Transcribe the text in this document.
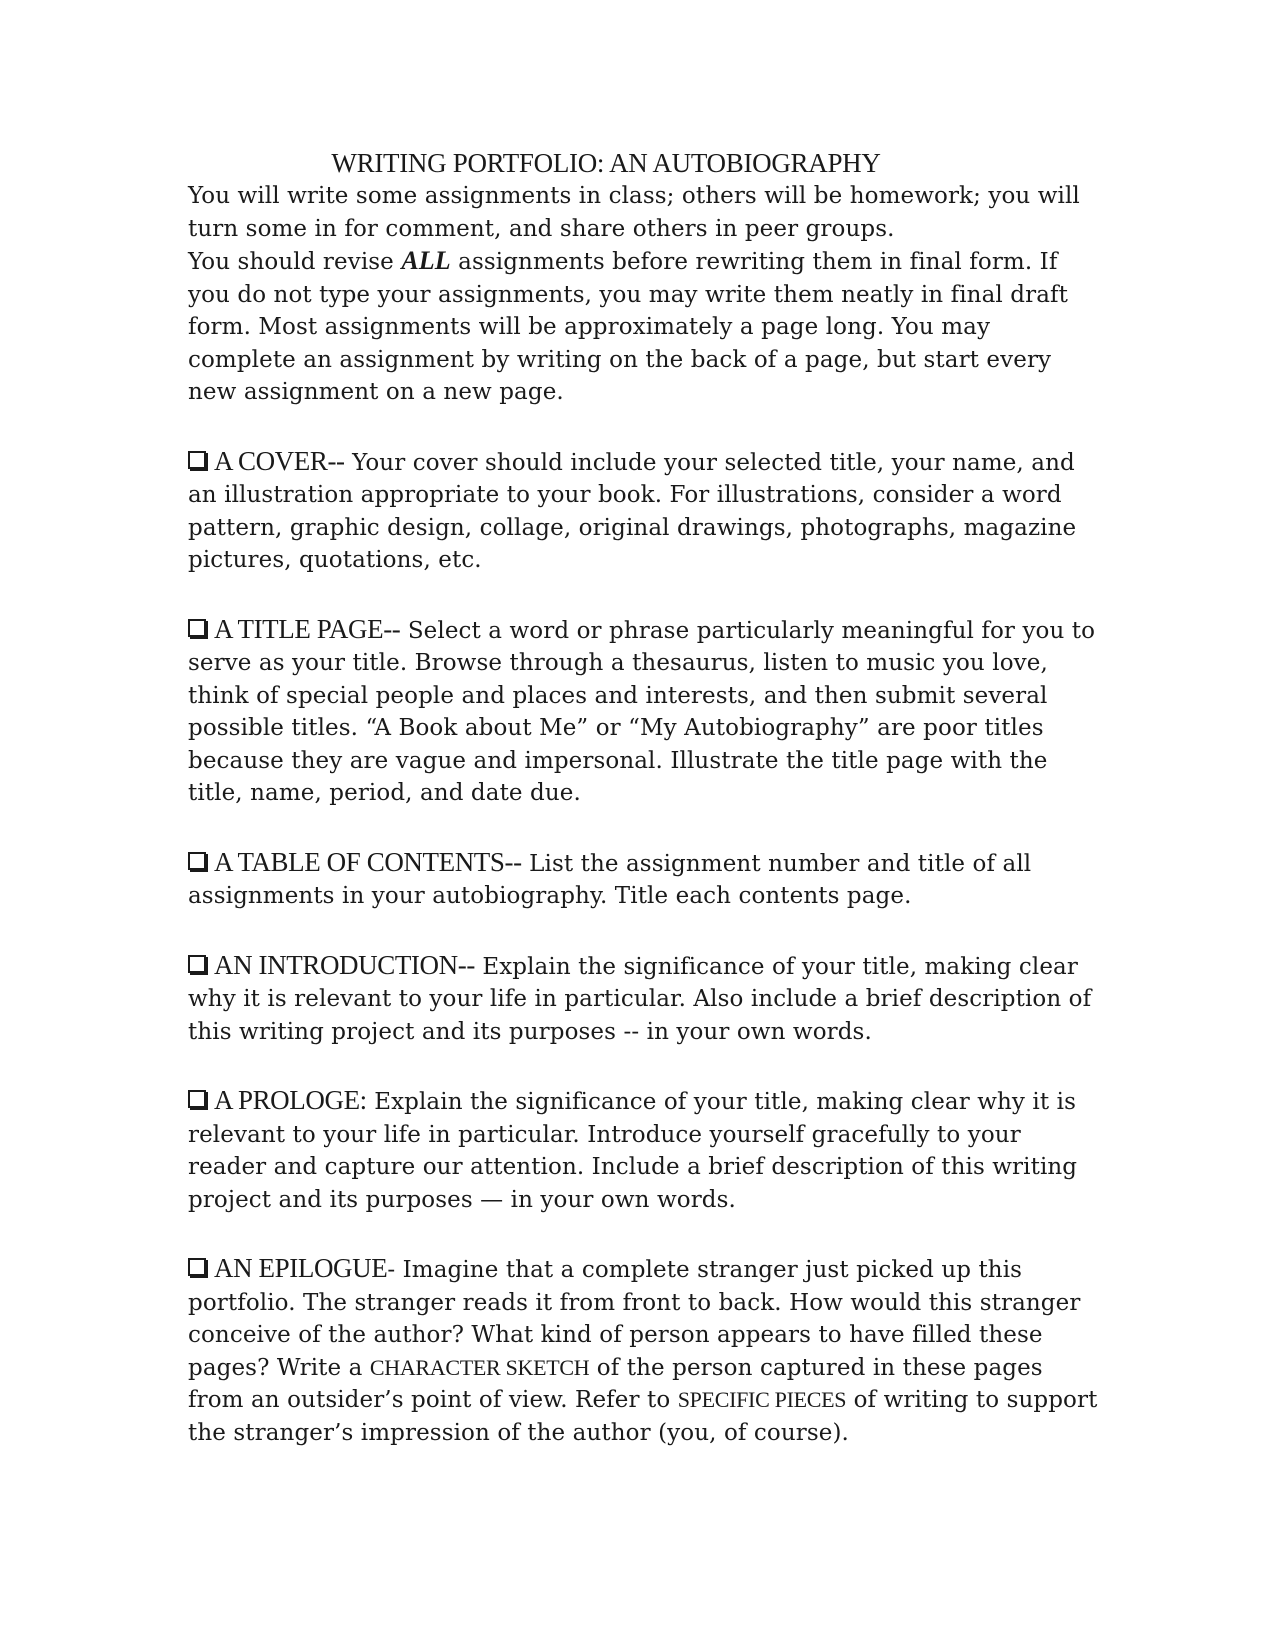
WRITING PORTFOLIO: AN AUTOBIOGRAPHY

You will write some assignments in class; others will be homework; you will turn some in for comment, and share others in peer groups.

You should revise ALL assignments before rewriting them in final form. If you do not type your assignments, you may write them neatly in final draft form. Most assignments will be approximately a page long. You may complete an assignment by writing on the back of a page, but start every new assignment on a new page.

A COVER-- Your cover should include your selected title, your name, and an illustration appropriate to your book. For illustrations, consider a word pattern, graphic design, collage, original drawings, photographs, magazine pictures, quotations, etc.
A TITLE PAGE-- Select a word or phrase particularly meaningful for you to serve as your title. Browse through a thesaurus, listen to music you love, think of special people and places and interests, and then submit several possible titles. “A Book about Me” or “My Autobiography” are poor titles because they are vague and impersonal. Illustrate the title page with the title, name, period, and date due.
A TABLE OF CONTENTS-- List the assignment number and title of all assignments in your autobiography. Title each contents page.
AN INTRODUCTION-- Explain the significance of your title, making clear why it is relevant to your life in particular. Also include a brief description of this writing project and its purposes -- in your own words.
A PROLOGE: Explain the significance of your title, making clear why it is relevant to your life in particular. Introduce yourself gracefully to your reader and capture our attention. Include a brief description of this writing project and its purposes — in your own words.
AN EPILOGUE- Imagine that a complete stranger just picked up this portfolio. The stranger reads it from front to back. How would this stranger conceive of the author? What kind of person appears to have filled these pages? Write a CHARACTER SKETCH of the person captured in these pages from an outsider’s point of view. Refer to SPECIFIC PIECES of writing to support the stranger’s impression of the author (you, of course).
